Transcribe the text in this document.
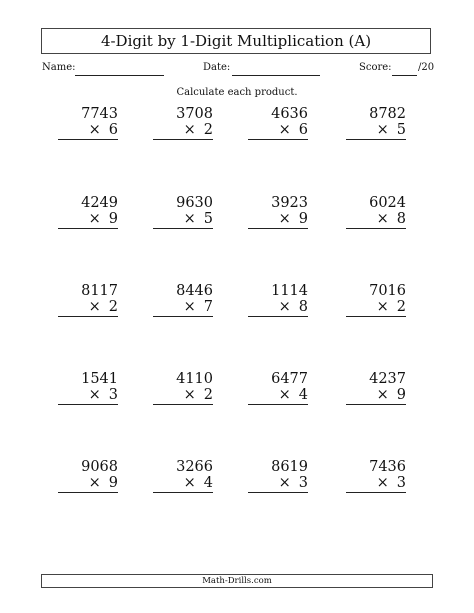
4-Digit by 1-Digit Multiplication (A)
Name:	Date:	Score:	/20
Calculate each product.
7743
× 6
3708
× 2
4636
× 6
8782
× 5
4249
× 9
9630
× 5
3923
× 9
6024
× 8
8117
× 2
8446
× 7
1114
× 8
7016
× 2
1541
× 3
4110
× 2
6477
× 4
4237
× 9
9068
× 9
3266
× 4
8619
× 3
7436
× 3
Math-Drills.com
